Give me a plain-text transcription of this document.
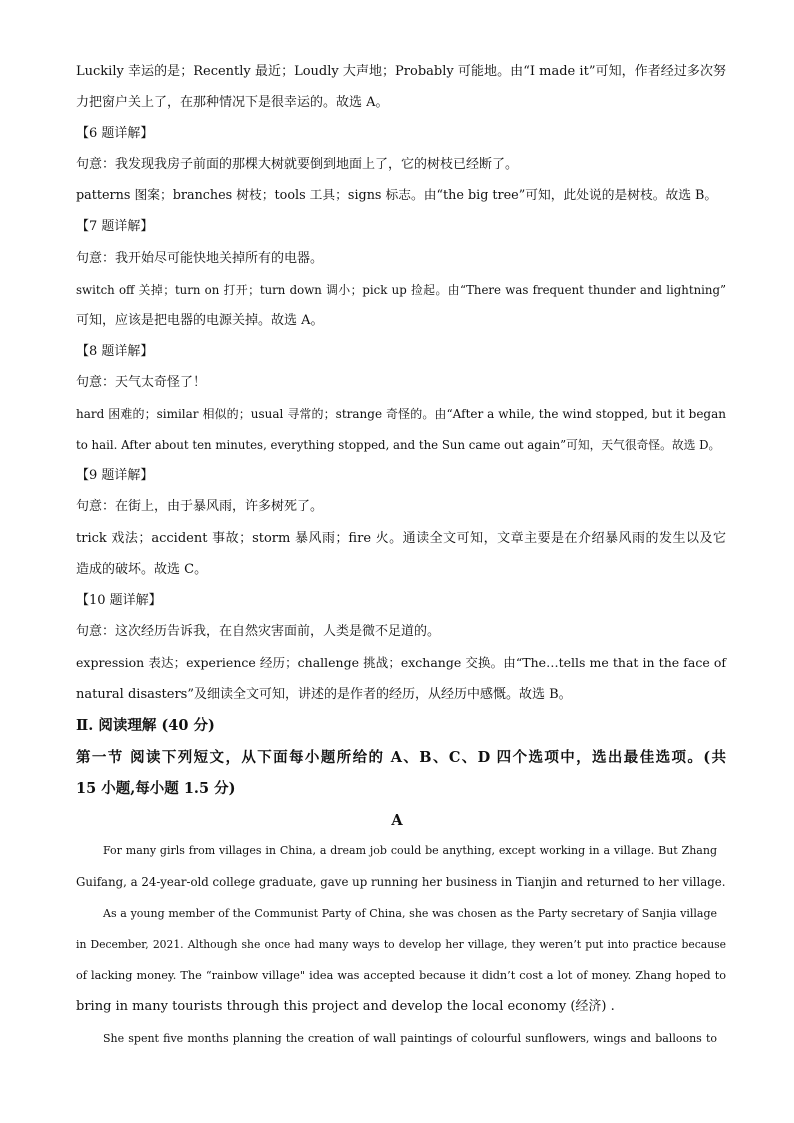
Luckily 幸运的是；Recently 最近；Loudly 大声地；Probably 可能地。由“I made it”可知，作者经过多次努
力把窗户关上了，在那种情况下是很幸运的。故选 A。
【6 题详解】
句意：我发现我房子前面的那棵大树就要倒到地面上了，它的树枝已经断了。
patterns 图案；branches 树枝；tools 工具；signs 标志。由“the big tree”可知，此处说的是树枝。故选 B。
【7 题详解】
句意：我开始尽可能快地关掉所有的电器。
switch off 关掉；turn on 打开；turn down 调小；pick up 捡起。由“There was frequent thunder and lightning”
可知，应该是把电器的电源关掉。故选 A。
【8 题详解】
句意：天气太奇怪了！
hard 困难的；similar 相似的；usual 寻常的；strange 奇怪的。由“After a while, the wind stopped, but it began
to hail. After about ten minutes, everything stopped, and the Sun came out again”可知，天气很奇怪。故选 D。
【9 题详解】
句意：在街上，由于暴风雨，许多树死了。
trick 戏法；accident 事故；storm 暴风雨；fire 火。通读全文可知，文章主要是在介绍暴风雨的发生以及它
造成的破坏。故选 C。
【10 题详解】
句意：这次经历告诉我，在自然灾害面前，人类是微不足道的。
expression 表达；experience 经历；challenge 挑战；exchange 交换。由“The…tells me that in the face of
natural disasters”及细读全文可知，讲述的是作者的经历，从经历中感慨。故选 B。
Ⅱ. 阅读理解 (40 分)
第一节 阅读下列短文，从下面每小题所给的 A、B、C、D 四个选项中，选出最佳选项。(共
15 小题,每小题 1.5 分)
A
For many girls from villages in China, a dream job could be anything, except working in a village. But Zhang
Guifang, a 24-year-old college graduate, gave up running her business in Tianjin and returned to her village.
As a young member of the Communist Party of China, she was chosen as the Party secretary of Sanjia village
in December, 2021. Although she once had many ways to develop her village, they weren’t put into practice because
of lacking money. The “rainbow village" idea was accepted because it didn’t cost a lot of money. Zhang hoped to
bring in many tourists through this project and develop the local economy (经济) .
She spent five months planning the creation of wall paintings of colourful sunflowers, wings and balloons to
